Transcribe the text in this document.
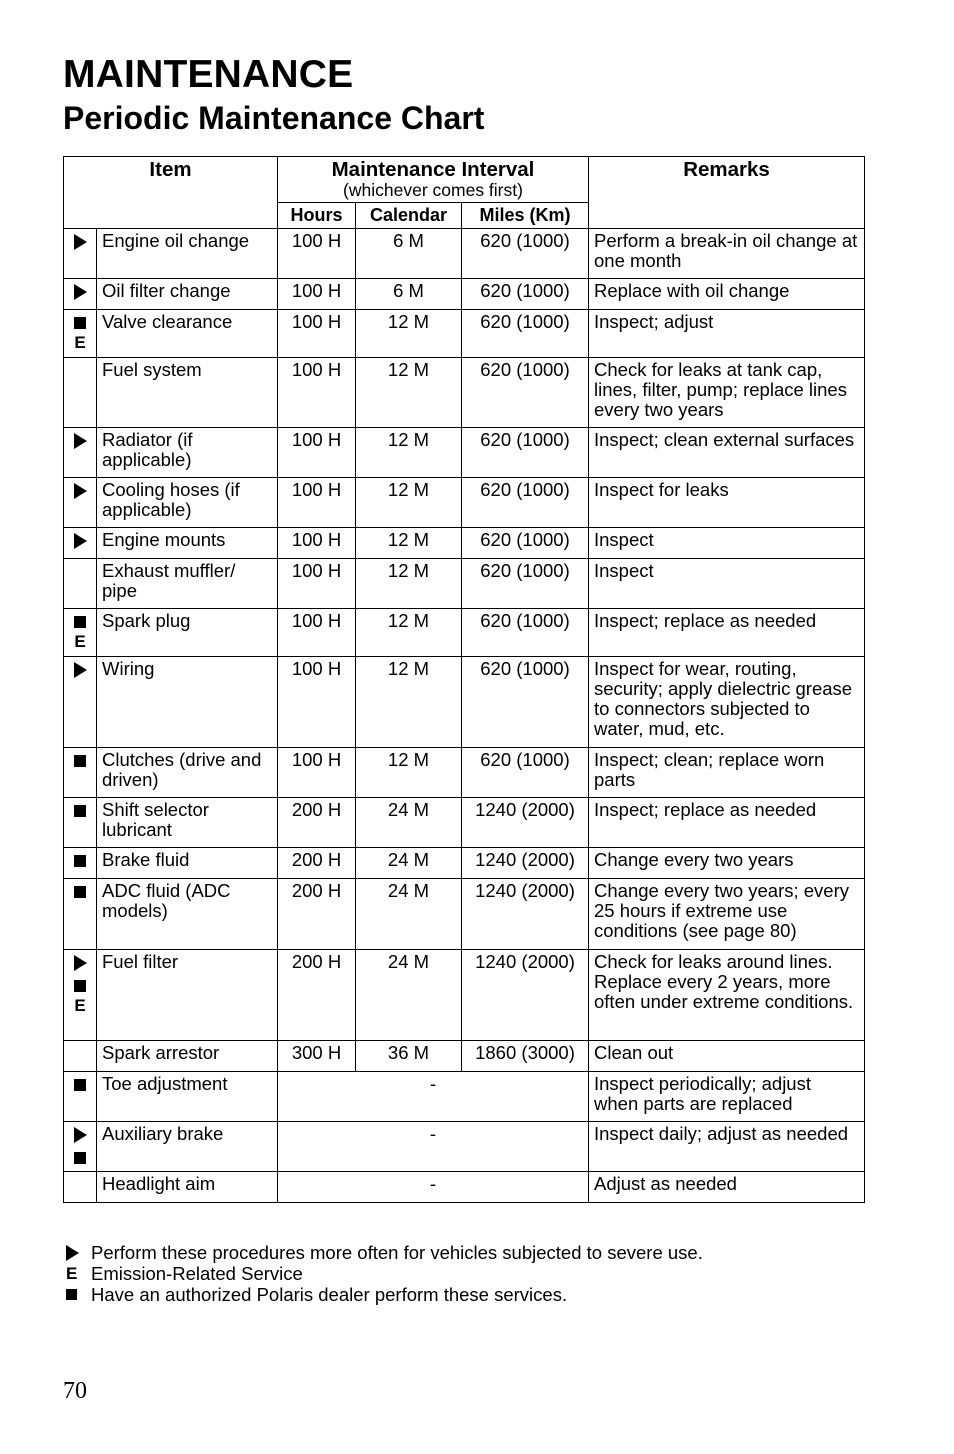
MAINTENANCE
Periodic Maintenance Chart
Item		Maintenance Interval
(whichever comes first)			Remarks
		Hours	Calendar	Miles (Km)	

	Engine oil change	100 H	6 M	620 (1000)	Perform a break-in oil change at one month

	Oil filter change	100 H	6 M	620 (1000)	Replace with oil change

E	Valve clearance	100 H	12 M	620 (1000)	Inspect; adjust
	Fuel system	100 H	12 M	620 (1000)	Check for leaks at tank cap, lines, filter, pump; replace lines every two years

	Radiator (if applicable)	100 H	12 M	620 (1000)	Inspect; clean external surfaces

	Cooling hoses (if applicable)	100 H	12 M	620 (1000)	Inspect for leaks

	Engine mounts	100 H	12 M	620 (1000)	Inspect
	Exhaust muffler/ pipe	100 H	12 M	620 (1000)	Inspect

E	Spark plug	100 H	12 M	620 (1000)	Inspect; replace as needed

	Wiring	100 H	12 M	620 (1000)	Inspect for wear, routing, security; apply dielectric grease to connectors subjected to water, mud, etc.

	Clutches (drive and driven)	100 H	12 M	620 (1000)	Inspect; clean; replace worn parts

	Shift selector lubricant	200 H	24 M	1240 (2000)	Inspect; replace as needed

	Brake fluid	200 H	24 M	1240 (2000)	Change every two years

	ADC fluid (ADC models)	200 H	24 M	1240 (2000)	Change every two years; every 25 hours if extreme use conditions (see page 80)

E	Fuel filter	200 H	24 M	1240 (2000)	Check for leaks around lines. Replace every 2 years, more often under extreme conditions.
	Spark arrestor	300 H	36 M	1860 (3000)	Clean out

	Toe adjustment	-			Inspect periodically; adjust when parts are replaced

	Auxiliary brake	-			Inspect daily; adjust as needed
	Headlight aim	-			Adjust as needed
Perform these procedures more often for vehicles subjected to severe use.
E Emission-Related Service
Have an authorized Polaris dealer perform these services.
70
